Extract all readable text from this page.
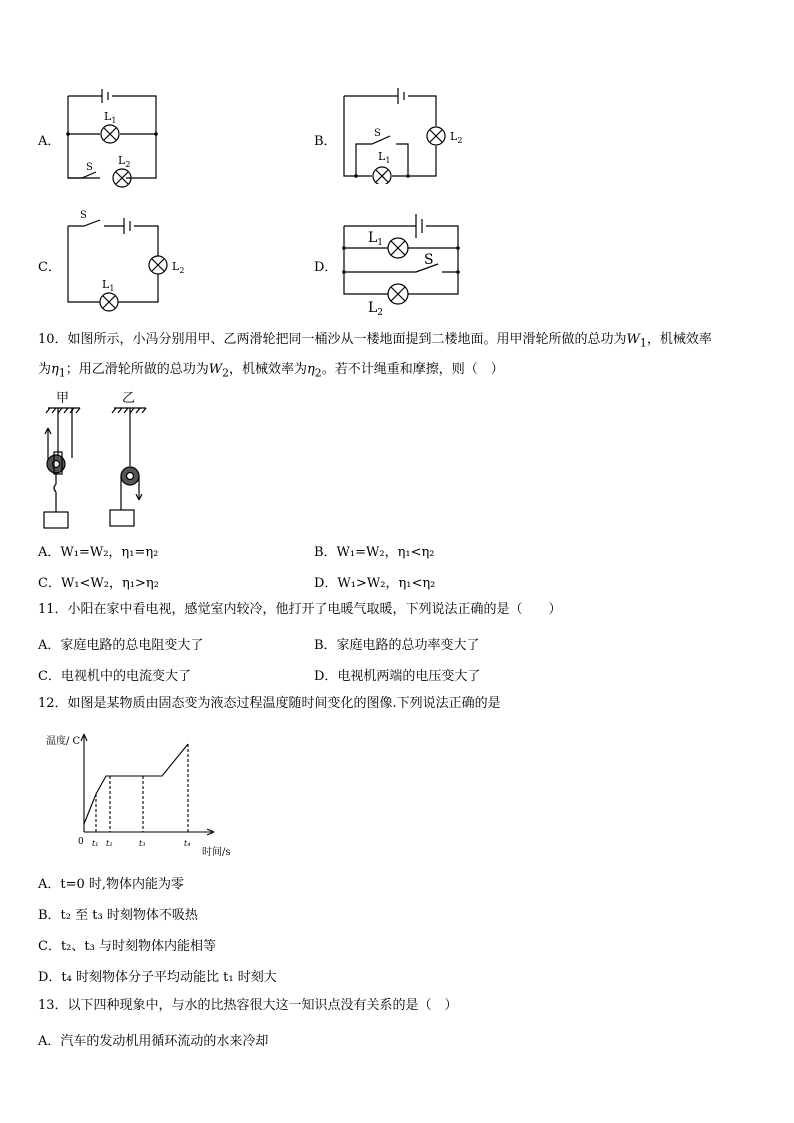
A．
$L_1$
$L_2$
S
B．
S
$L_1$
$L_2$
C．
S
$L_2$
$L_1$
D．
$L_1$
S
$L_2$
10．如图所示，小冯分别用甲、乙两滑轮把同一桶沙从一楼地面提到二楼地面。用甲滑轮所做的总功为$W_1$，机械效率
为$\eta_1$；用乙滑轮所做的总功为$W_2$，机械效率为$\eta_2$。若不计绳重和摩擦，则（　）
甲	乙
A．W₁=W₂，η₁=η₂	B．W₁=W₂，η₁<η₂
C．W₁<W₂，η₁>η₂	D．W₁>W₂，η₁<η₂
11．小阳在家中看电视，感觉室内较冷，他打开了电暖气取暖，下列说法正确的是（　　）
A．家庭电路的总电阻变大了	B．家庭电路的总功率变大了
C．电视机中的电流变大了	D．电视机两端的电压变大了
12．如图是某物质由固态变为液态过程温度随时间变化的图像.下列说法正确的是
温度/ C
时间/s
0 t₁ t₂	t₃	t₄
A．t=0 时,物体内能为零
B．t₂ 至 t₃ 时刻物体不吸热
C．t₂、t₃ 与时刻物体内能相等
D．t₄ 时刻物体分子平均动能比 t₁ 时刻大
13．以下四种现象中，与水的比热容很大这一知识点没有关系的是（　）
A．汽车的发动机用循环流动的水来冷却
